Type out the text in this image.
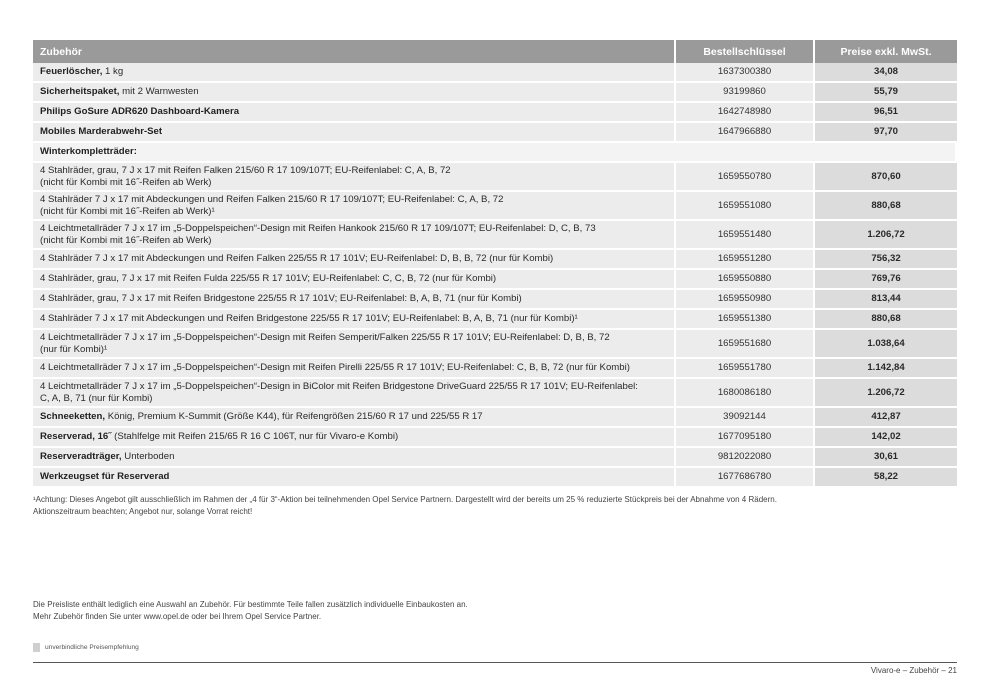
Zubehör	Bestellschlüssel	Preise exkl. MwSt.
Feuerlöscher, 1 kg	1637300380	34,08
Sicherheitspaket, mit 2 Warnwesten	93199860	55,79
Philips GoSure ADR620 Dashboard-Kamera	1642748980	96,51
Mobiles Marderabwehr-Set	1647966880	97,70
Winterkompletträder:		
4 Stahlräder, grau, 7 J x 17 mit Reifen Falken 215/60 R 17 109/107T; EU-Reifenlabel: C, A, B, 72
(nicht für Kombi mit 16˝-Reifen ab Werk)	1659550780	870,60
4 Stahlräder 7 J x 17 mit Abdeckungen und Reifen Falken 215/60 R 17 109/107T; EU-Reifenlabel: C, A, B, 72
(nicht für Kombi mit 16˝-Reifen ab Werk)¹	1659551080	880,68
4 Leichtmetallräder 7 J x 17 im „5-Doppelspeichen“-Design mit Reifen Hankook 215/60 R 17 109/107T; EU-Reifenlabel: D, C, B, 73
(nicht für Kombi mit 16˝-Reifen ab Werk)	1659551480	1.206,72
4 Stahlräder 7 J x 17 mit Abdeckungen und Reifen Falken 225/55 R 17 101V; EU-Reifenlabel: D, B, B, 72 (nur für Kombi)	1659551280	756,32
4 Stahlräder, grau, 7 J x 17 mit Reifen Fulda 225/55 R 17 101V; EU-Reifenlabel: C, C, B, 72 (nur für Kombi)	1659550880	769,76
4 Stahlräder, grau, 7 J x 17 mit Reifen Bridgestone 225/55 R 17 101V; EU-Reifenlabel: B, A, B, 71 (nur für Kombi)	1659550980	813,44
4 Stahlräder 7 J x 17 mit Abdeckungen und Reifen Bridgestone 225/55 R 17 101V; EU-Reifenlabel: B, A, B, 71 (nur für Kombi)¹	1659551380	880,68
4 Leichtmetallräder 7 J x 17 im „5-Doppelspeichen“-Design mit Reifen Semperit/Falken 225/55 R 17 101V; EU-Reifenlabel: D, B, B, 72
(nur für Kombi)¹	1659551680	1.038,64
4 Leichtmetallräder 7 J x 17 im „5-Doppelspeichen“-Design mit Reifen Pirelli 225/55 R 17 101V; EU-Reifenlabel: C, B, B, 72 (nur für Kombi)	1659551780	1.142,84
4 Leichtmetallräder 7 J x 17 im „5-Doppelspeichen“-Design in BiColor mit Reifen Bridgestone DriveGuard 225/55 R 17 101V; EU-Reifenlabel:
C, A, B, 71 (nur für Kombi)	1680086180	1.206,72
Schneeketten, König, Premium K-Summit (Größe K44), für Reifengrößen 215/60 R 17 und 225/55 R 17	39092144	412,87
Reserverad, 16˝ (Stahlfelge mit Reifen 215/65 R 16 C 106T, nur für Vivaro-e Kombi)	1677095180	142,02
Reserveradträger, Unterboden	9812022080	30,61
Werkzeugset für Reserverad	1677686780	58,22
¹Achtung: Dieses Angebot gilt ausschließlich im Rahmen der „4 für 3“-Aktion bei teilnehmenden Opel Service Partnern. Dargestellt wird der bereits um 25 % reduzierte Stückpreis bei der Abnahme von 4 Rädern.
Aktionszeitraum beachten; Angebot nur, solange Vorrat reicht!
Die Preisliste enthält lediglich eine Auswahl an Zubehör. Für bestimmte Teile fallen zusätzlich individuelle Einbaukosten an.
Mehr Zubehör finden Sie unter www.opel.de oder bei Ihrem Opel Service Partner.
unverbindliche Preisempfehlung
Vivaro-e – Zubehör – 21
